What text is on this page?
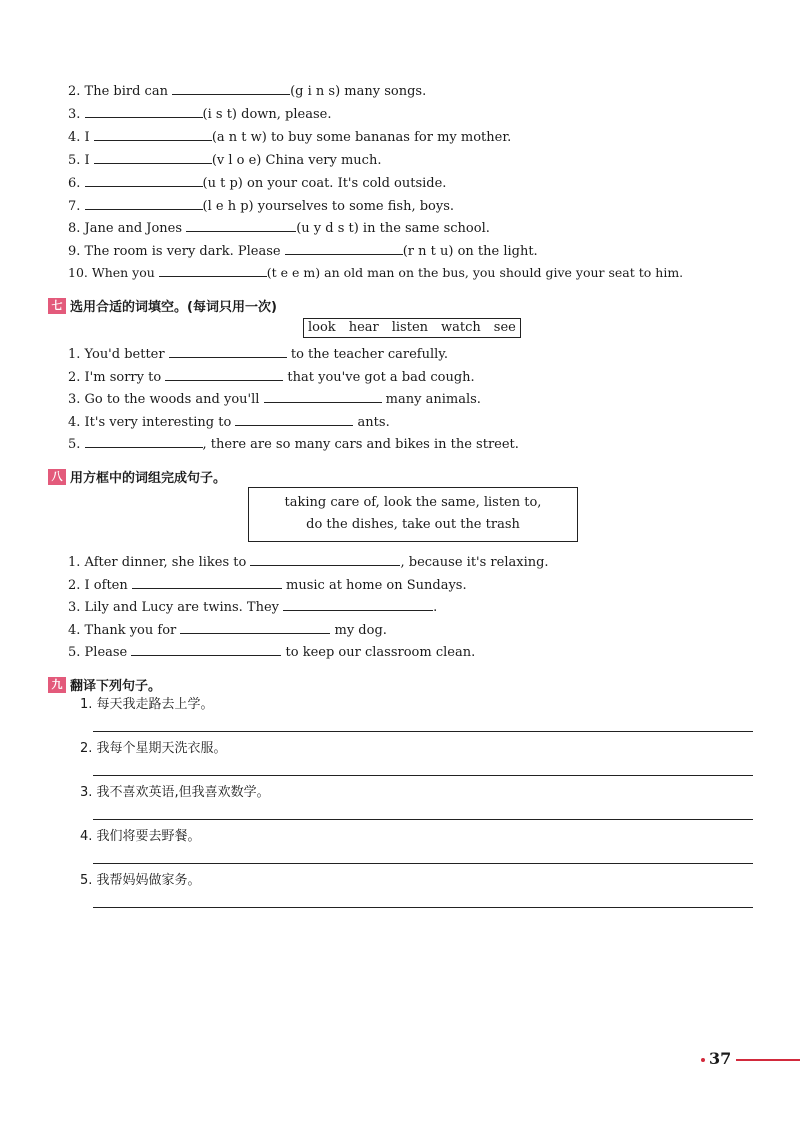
2. The bird can	(g i n s) many songs.
3.	(i s t) down, please.
4. I	(a n t w) to buy some bananas for my mother.
5. I	(v l o e) China very much.
6.	(u t p) on your coat. It's cold outside.
7.	(l e h p) yourselves to some fish, boys.
8. Jane and Jones	(u y d s t) in the same school.
9. The room is very dark. Please	(r n t u) on the light.
10. When you	(t e e m) an old man on the bus, you should give your seat to him.
七 选用合适的词填空。(每词只用一次)
look hear listen watch see
1. You'd better	to the teacher carefully.
2. I'm sorry to	that you've got a bad cough.
3. Go to the woods and you'll	many animals.
4. It's very interesting to	ants.
5.	, there are so many cars and bikes in the street.
八 用方框中的词组完成句子。
taking care of, look the same, listen to,
do the dishes, take out the trash
1. After dinner, she likes to	, because it's relaxing.
2. I often	music at home on Sundays.
3. Lily and Lucy are twins. They	.
4. Thank you for	my dog.
5. Please	to keep our classroom clean.
九 翻译下列句子。
1. 每天我走路去上学。
2. 我每个星期天洗衣服。
3. 我不喜欢英语,但我喜欢数学。
4. 我们将要去野餐。
5. 我帮妈妈做家务。
37
